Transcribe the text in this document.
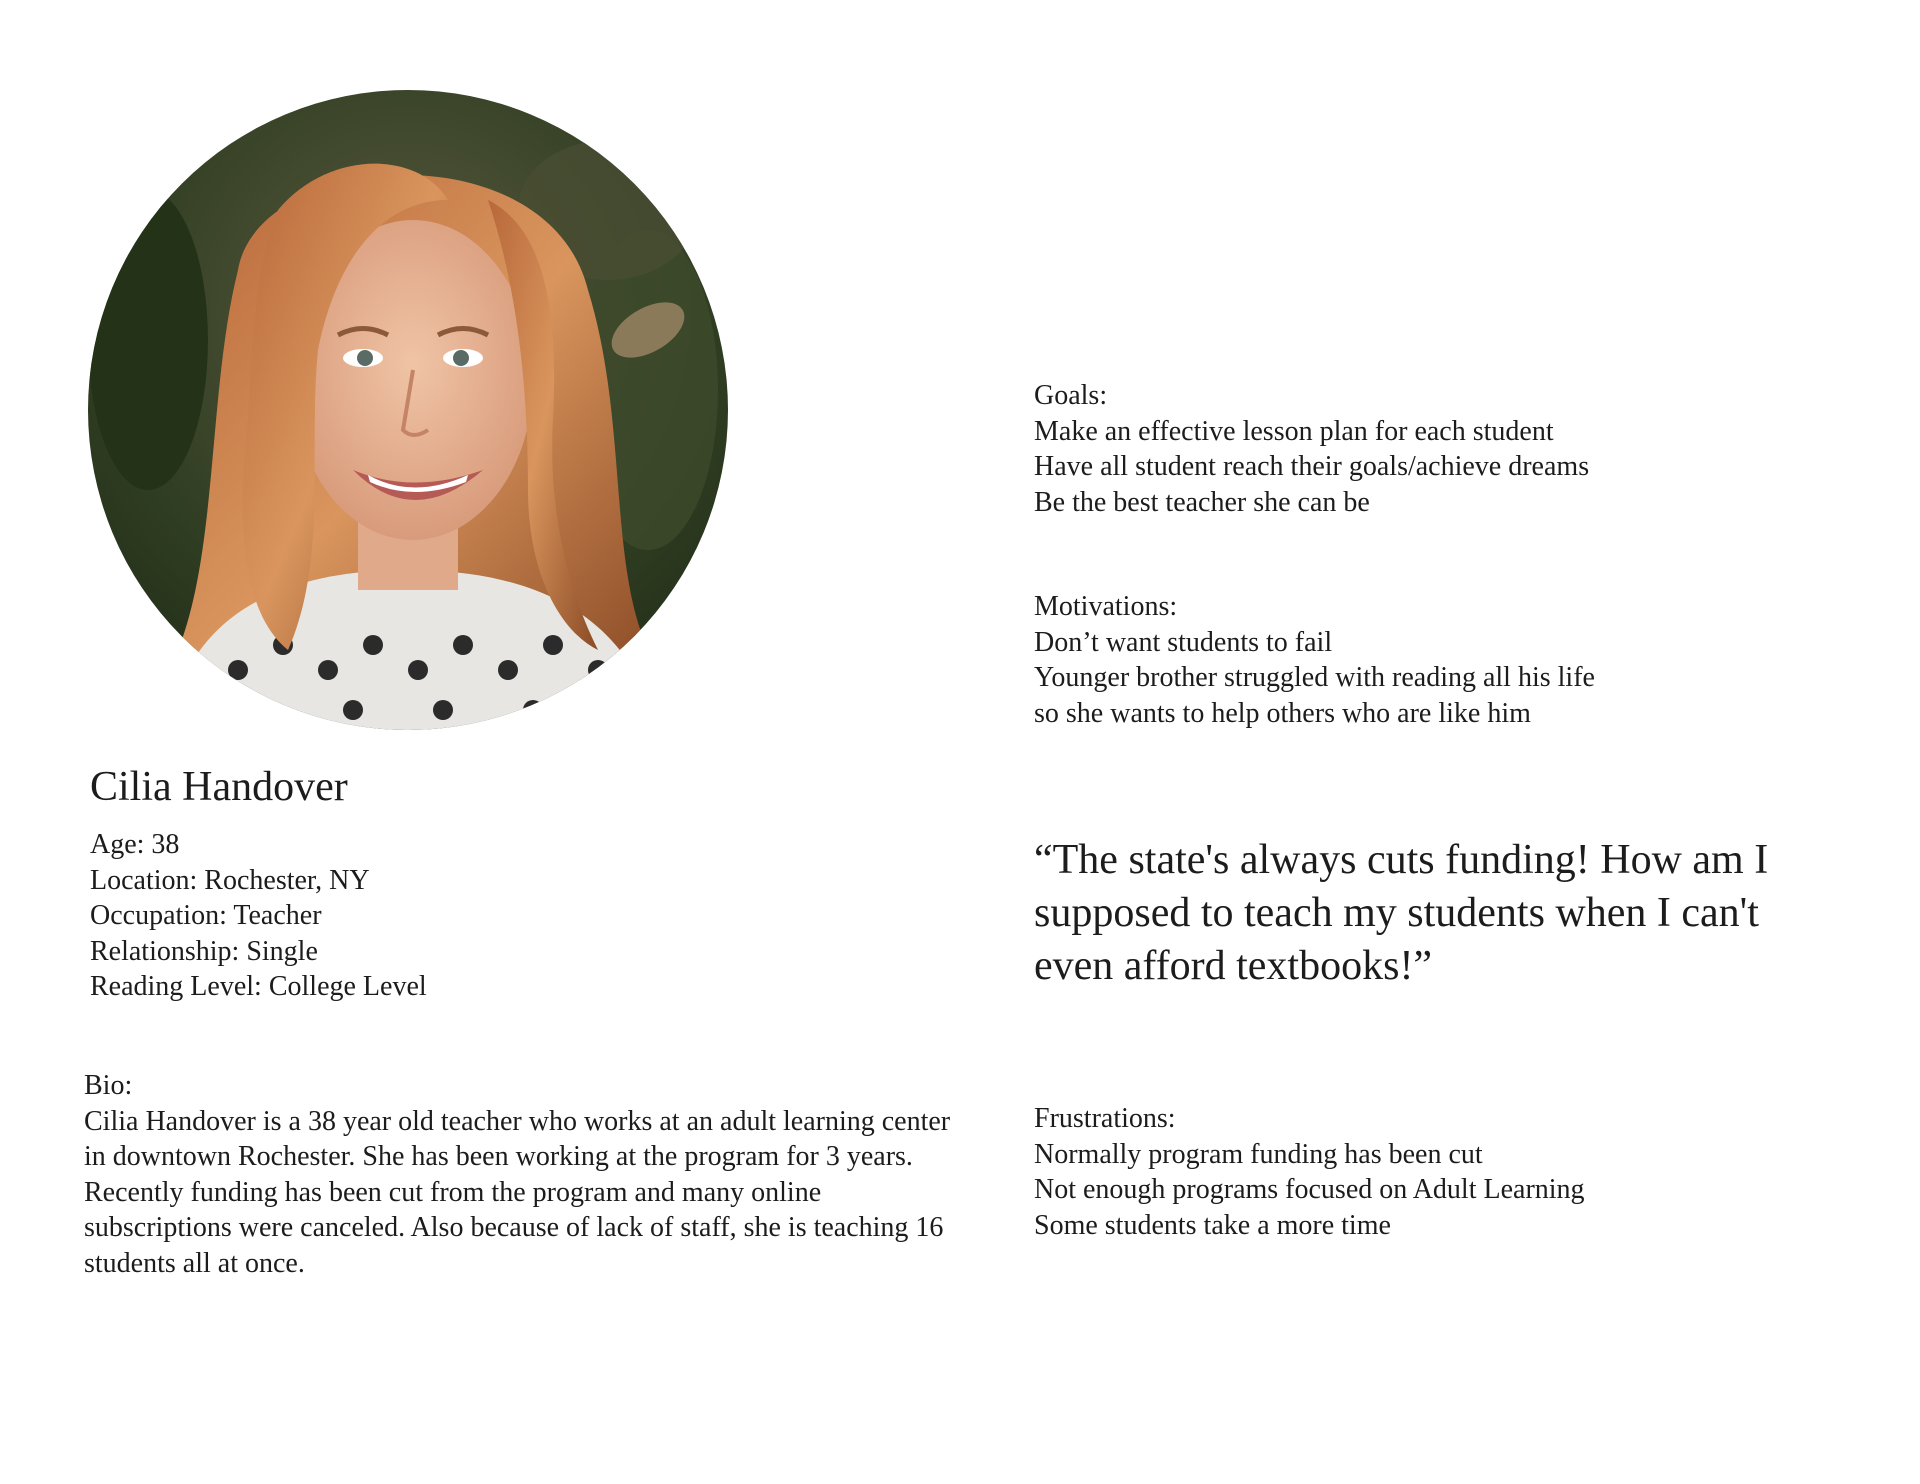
Cilia Handover
Age: 38
Location: Rochester, NY
Occupation: Teacher
Relationship: Single
Reading Level: College Level
Bio:

Cilia Handover is a 38 year old teacher who works at an adult learning center in downtown Rochester. She has been working at the program for 3 years. Recently funding has been cut from the program and many online subscriptions were canceled. Also because of lack of staff, she is teaching 16 students all at once.

Goals:
Make an effective lesson plan for each student
Have all student reach their goals/achieve dreams
Be the best teacher she can be
Motivations:
Don’t want students to fail
Younger brother struggled with reading all his life
so she wants to help others who are like him

“The state's always cuts funding! How am I supposed to teach my students when I can't even afford textbooks!”

Frustrations:
Normally program funding has been cut
Not enough programs focused on Adult Learning
Some students take a more time
